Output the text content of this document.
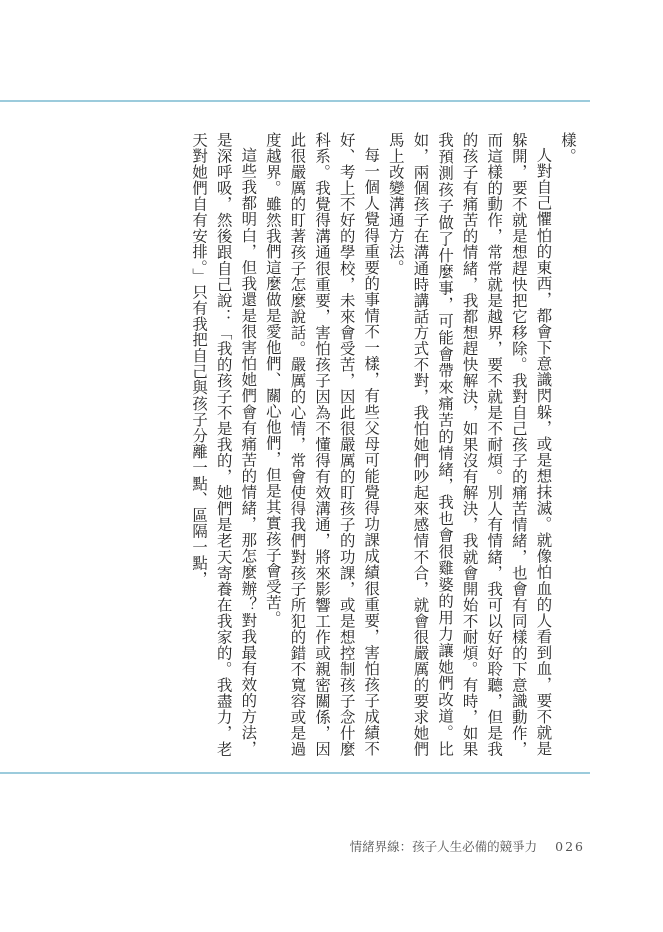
樣。

人對自己懼怕的東西，都會下意識閃躲，或是想抹滅。就像怕血的人看到血，要不就是躲開，要不就是想趕快把它移除。我對自己孩子的痛苦情緒，也會有同樣的下意識動作，而這樣的動作，常常就是越界，要不就是不耐煩。別人有情緒，我可以好好聆聽，但是我的孩子有痛苦的情緒，我都想趕快解決，如果沒有解決，我就會開始不耐煩。有時，如果我預測孩子做了什麼事，可能會帶來痛苦的情緒，我也會很雞婆的用力讓她們改道。比如，兩個孩子在溝通時講話方式不對，我怕她們吵起來感情不合，就會很嚴厲的要求她們馬上改變溝通方法。

每一個人覺得重要的事情不一樣，有些父母可能覺得功課成績很重要，害怕孩子成績不好、考上不好的學校，未來會受苦，因此很嚴厲的盯孩子的功課，或是想控制孩子念什麼科系。我覺得溝通很重要，害怕孩子因為不懂得有效溝通，將來影響工作或親密關係，因此很嚴厲的盯著孩子怎麼說話。嚴厲的心情，常會使得我們對孩子所犯的錯不寬容或是過度越界。雖然我們這麼做是愛他們、關心他們，但是其實孩子會受苦。

這些我都明白，但我還是很害怕她們會有痛苦的情緒，那怎麼辦？對我最有效的方法，是深呼吸，然後跟自己說：「我的孩子不是我的，她們是老天寄養在我家的。我盡力，老天對她們自有安排。」只有我把自己與孩子分離一點、區隔一點，

情緒界線：孩子人生必備的競爭力 026
